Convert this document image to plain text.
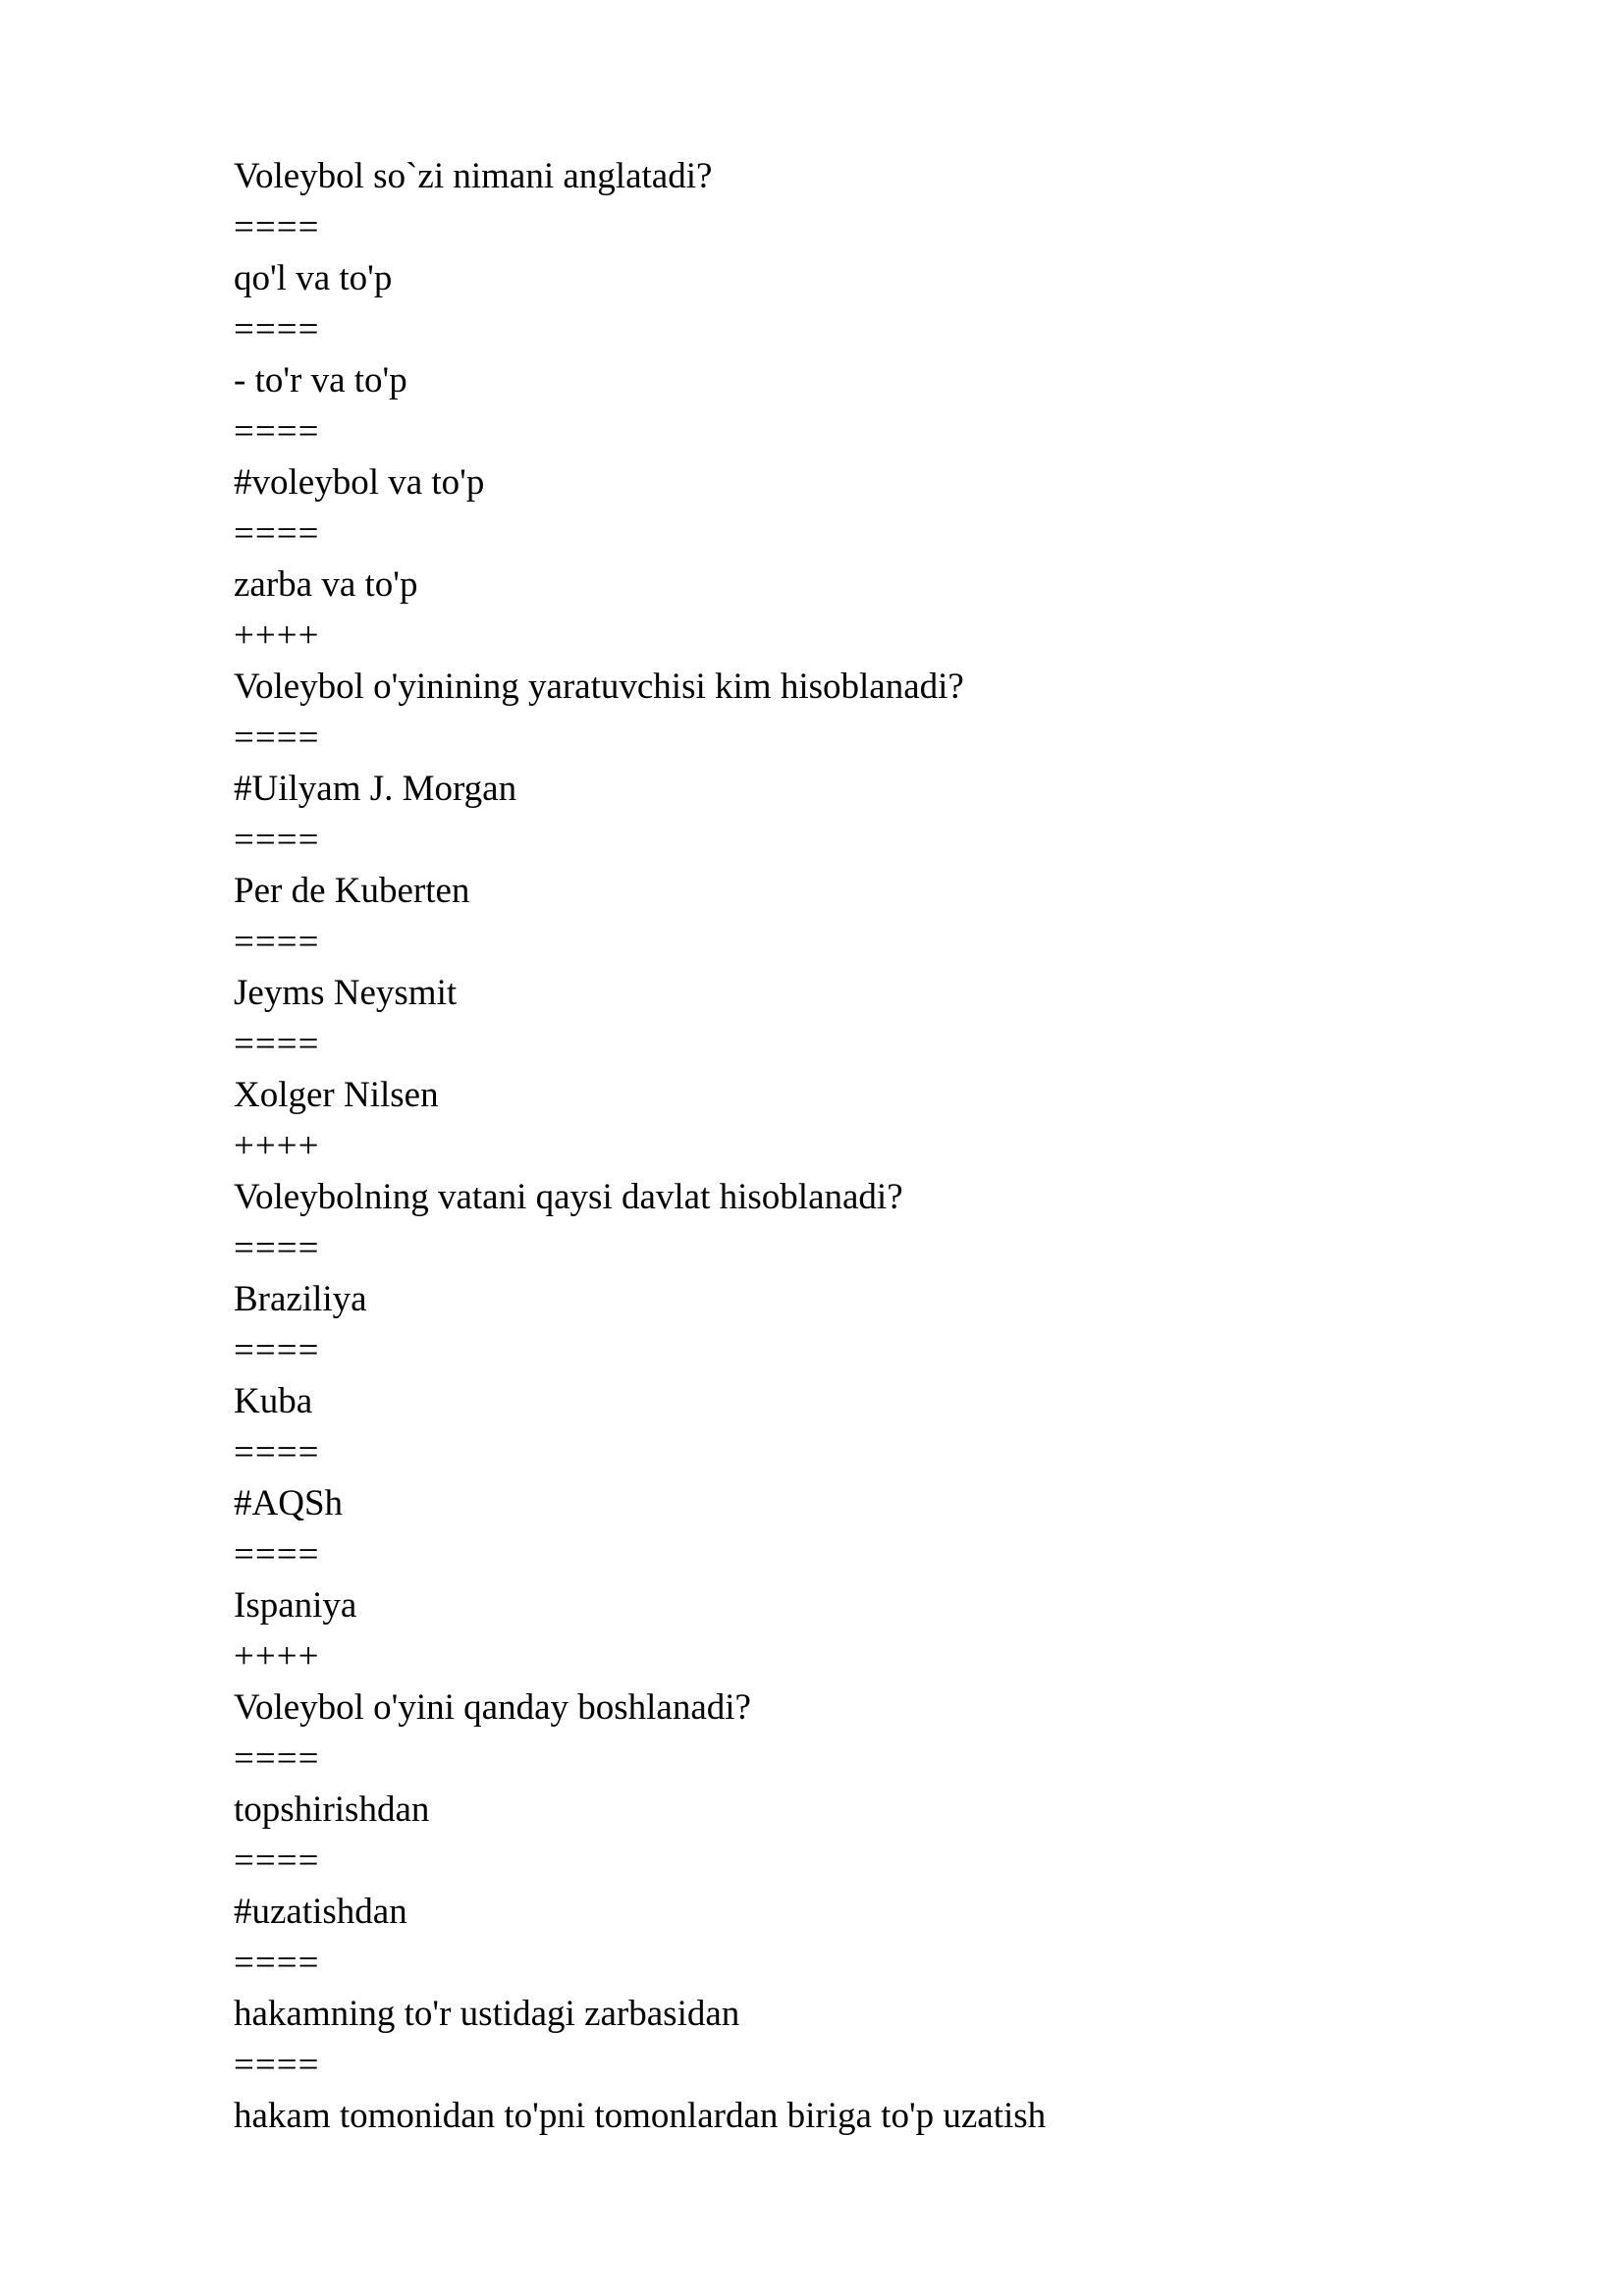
Voleybol so`zi nimani anglatadi?
====
qo'l va to'p
====
- to'r va to'p
====
#voleybol va to'p
====
zarba va to'p
++++
Voleybol o'yinining yaratuvchisi kim hisoblanadi?
====
#Uilyam J. Morgan
====
Per de Kuberten
====
Jeyms Neysmit
====
Xolger Nilsen
++++
Voleybolning vatani qaysi davlat hisoblanadi?
====
Braziliya
====
Kuba
====
#AQSh
====
Ispaniya
++++
Voleybol o'yini qanday boshlanadi?
====
topshirishdan
====
#uzatishdan
====
hakamning to'r ustidagi zarbasidan
====
hakam tomonidan to'pni tomonlardan biriga to'p uzatish
